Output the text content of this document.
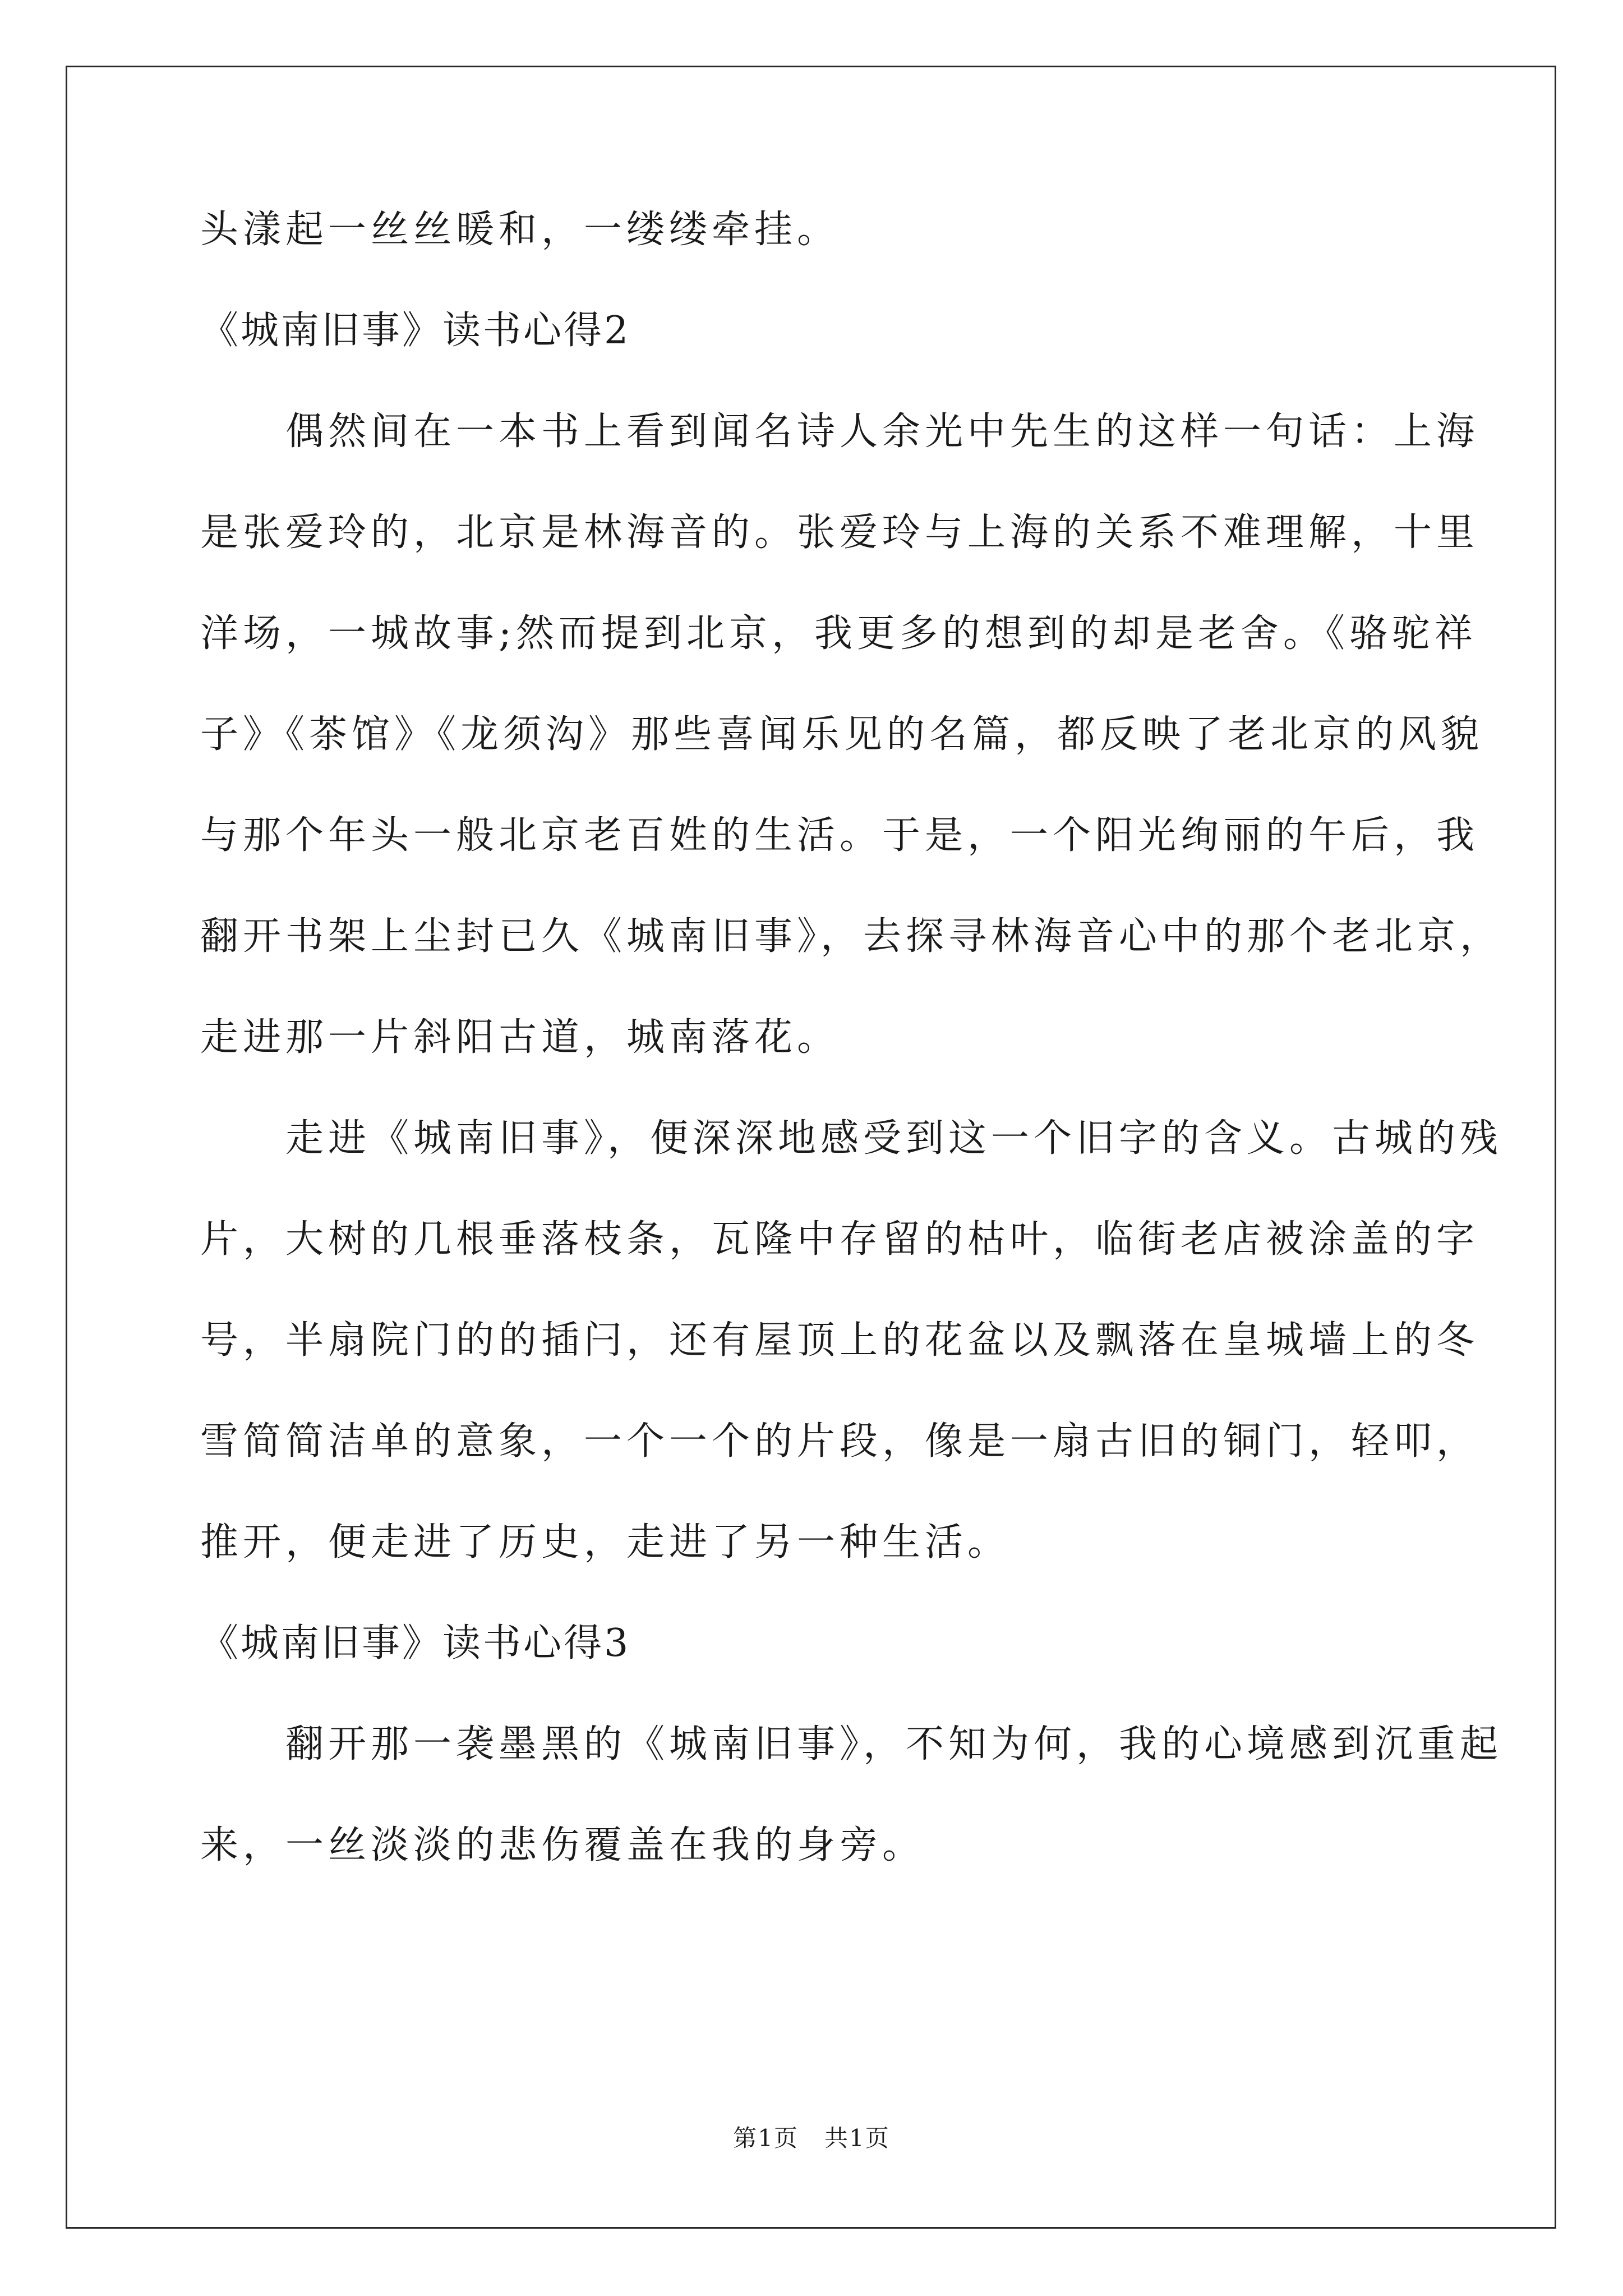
头漾起一丝丝暖和，一缕缕牵挂。
《城南旧事》读书心得2
　　偶然间在一本书上看到闻名诗人余光中先生的这样一句话：上海
是张爱玲的，北京是林海音的。张爱玲与上海的关系不难理解，十里
洋场，一城故事;然而提到北京，我更多的想到的却是老舍。《骆驼祥
子》《茶馆》《龙须沟》那些喜闻乐见的名篇，都反映了老北京的风貌
与那个年头一般北京老百姓的生活。于是，一个阳光绚丽的午后，我
翻开书架上尘封已久《城南旧事》，去探寻林海音心中的那个老北京，
走进那一片斜阳古道，城南落花。
　　走进《城南旧事》，便深深地感受到这一个旧字的含义。古城的残
片，大树的几根垂落枝条，瓦隆中存留的枯叶，临街老店被涂盖的字
号，半扇院门的的插闩，还有屋顶上的花盆以及飘落在皇城墙上的冬
雪简简洁单的意象，一个一个的片段，像是一扇古旧的铜门，轻叩，
推开，便走进了历史，走进了另一种生活。
《城南旧事》读书心得3
　　翻开那一袭墨黑的《城南旧事》，不知为何，我的心境感到沉重起
来，一丝淡淡的悲伤覆盖在我的身旁。
第1页   共1页
